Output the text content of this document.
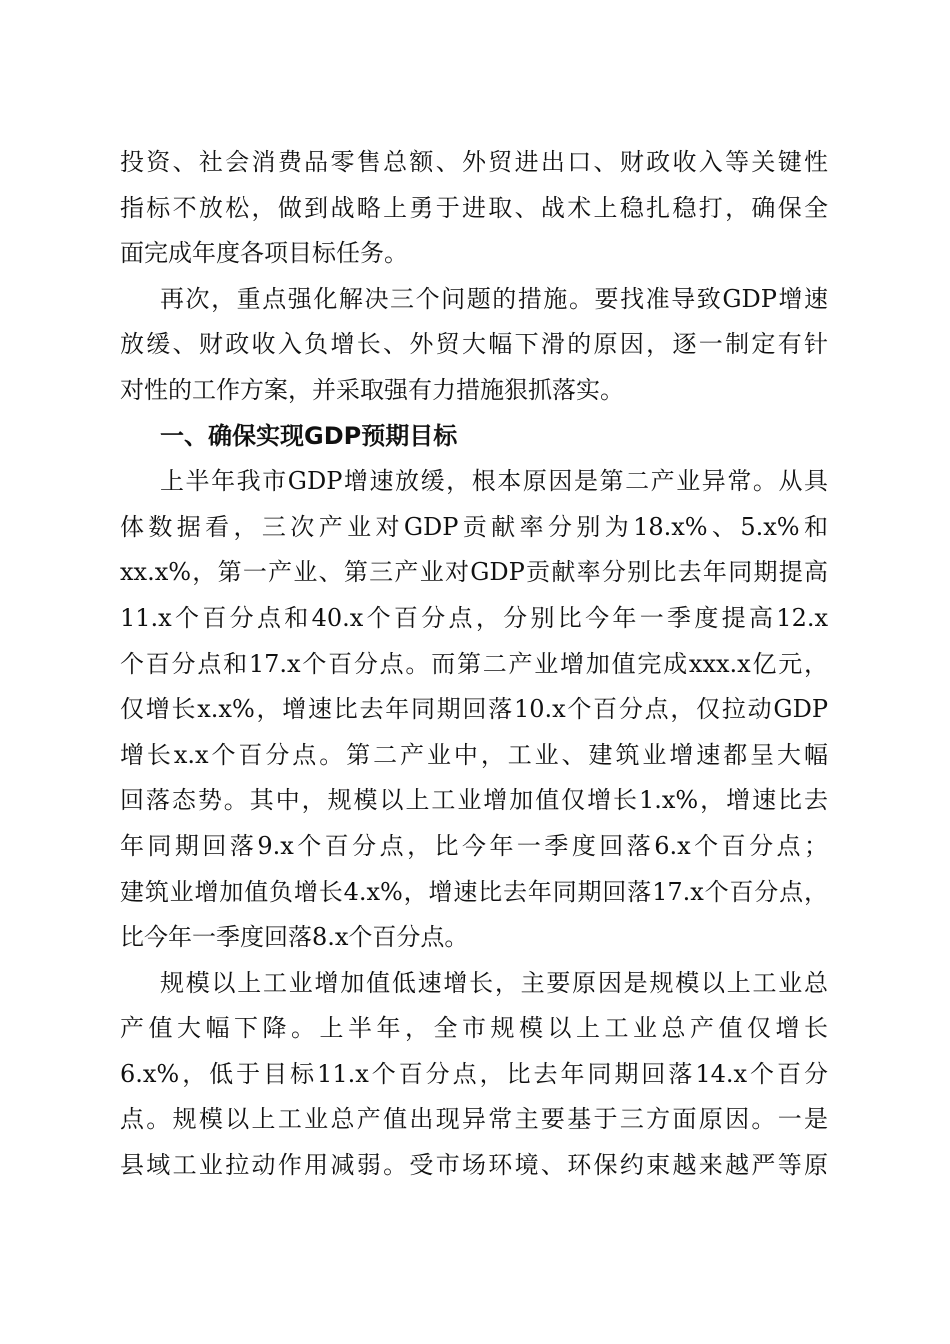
投资、社会消费品零售总额、外贸进出口、财政收入等关键性
指标不放松，做到战略上勇于进取、战术上稳扎稳打，确保全
面完成年度各项目标任务。
再次，重点强化解决三个问题的措施。要找准导致GDP增速
放缓、财政收入负增长、外贸大幅下滑的原因，逐一制定有针
对性的工作方案，并采取强有力措施狠抓落实。
一、确保实现GDP预期目标
上半年我市GDP增速放缓，根本原因是第二产业异常。从具
体数据看，三次产业对GDP贡献率分别为18.x%、5.x%和
xx.x%，第一产业、第三产业对GDP贡献率分别比去年同期提高
11.x个百分点和40.x个百分点，分别比今年一季度提高12.x
个百分点和17.x个百分点。而第二产业增加值完成xxx.x亿元，
仅增长x.x%，增速比去年同期回落10.x个百分点，仅拉动GDP
增长x.x个百分点。第二产业中，工业、建筑业增速都呈大幅
回落态势。其中，规模以上工业增加值仅增长1.x%，增速比去
年同期回落9.x个百分点，比今年一季度回落6.x个百分点；
建筑业增加值负增长4.x%，增速比去年同期回落17.x个百分点，
比今年一季度回落8.x个百分点。
规模以上工业增加值低速增长，主要原因是规模以上工业总
产值大幅下降。上半年，全市规模以上工业总产值仅增长
6.x%，低于目标11.x个百分点，比去年同期回落14.x个百分
点。规模以上工业总产值出现异常主要基于三方面原因。一是
县域工业拉动作用减弱。受市场环境、环保约束越来越严等原
